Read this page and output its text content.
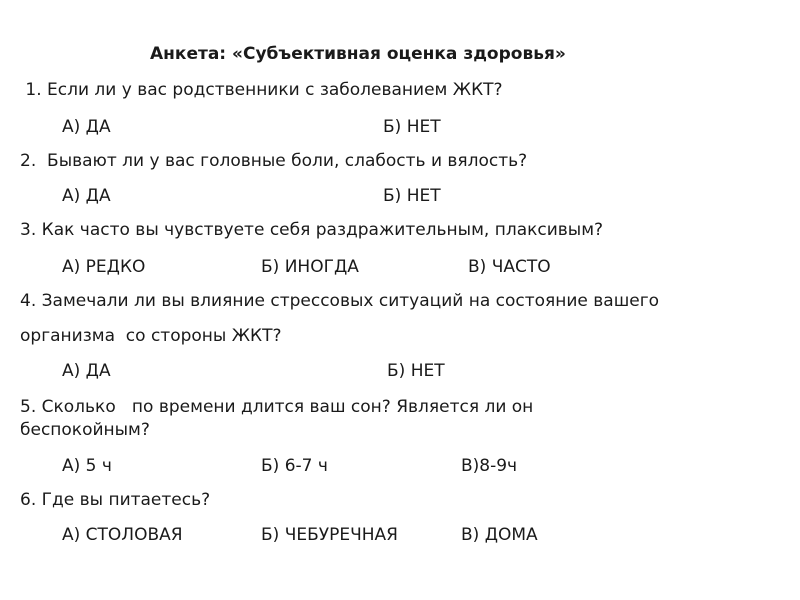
Анкета: «Субъективная оценка здоровья»
1. Если ли у вас родственники с заболеванием ЖКТ?
А) ДА	Б) НЕТ
2.  Бывают ли у вас головные боли, слабость и вялость?
А) ДА	Б) НЕТ
3. Как часто вы чувствуете себя раздражительным, плаксивым?
А) РЕДКО	Б) ИНОГДА	В) ЧАСТО
4. Замечали ли вы влияние стрессовых ситуаций на состояние вашего
организма  со стороны ЖКТ?
А) ДА	Б) НЕТ
5. Сколько   по времени длится ваш сон? Является ли он
беспокойным?
А) 5 ч	Б) 6-7 ч	В)8-9ч
6. Где вы питаетесь?
А) СТОЛОВАЯ	Б) ЧЕБУРЕЧНАЯ	В) ДОМА
